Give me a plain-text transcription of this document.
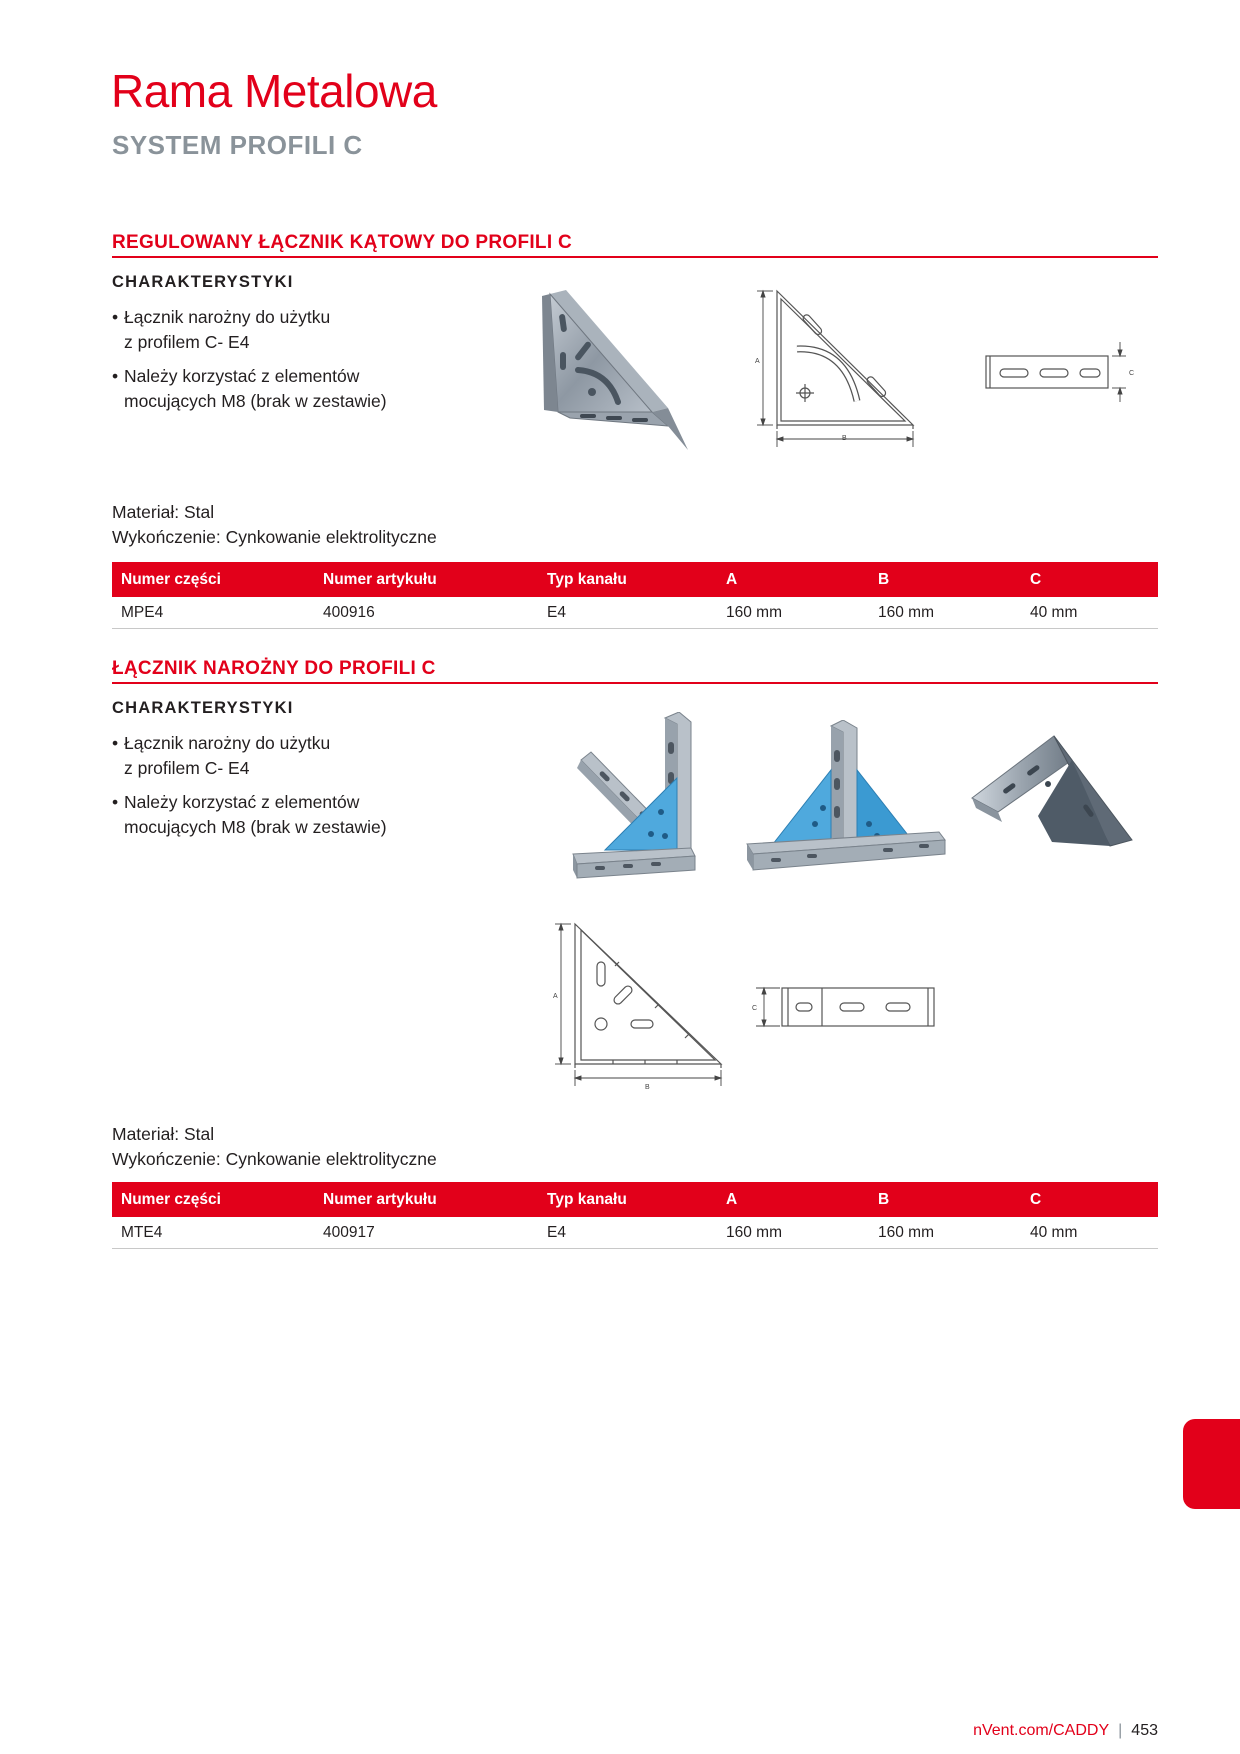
Rama Metalowa
SYSTEM PROFILI C
REGULOWANY ŁĄCZNIK KĄTOWY DO PROFILI C
CHARAKTERYSTYKI
• Łącznik narożny do użytku
z profilem C- E4
• Należy korzystać z elementów
mocujących M8 (brak w zestawie)
A
B
C
Materiał: Stal
Wykończenie: Cynkowanie elektrolityczne
Numer części	Numer artykułu	Typ kanału	A	B	C
MPE4	400916	E4	160 mm	160 mm	40 mm
ŁĄCZNIK NAROŻNY DO PROFILI C
CHARAKTERYSTYKI
• Łącznik narożny do użytku
z profilem C- E4
• Należy korzystać z elementów
mocujących M8 (brak w zestawie)
A
B
C
Materiał: Stal
Wykończenie: Cynkowanie elektrolityczne
Numer części	Numer artykułu	Typ kanału	A	B	C
MTE4	400917	E4	160 mm	160 mm	40 mm
nVent.com/CADDY | 453
